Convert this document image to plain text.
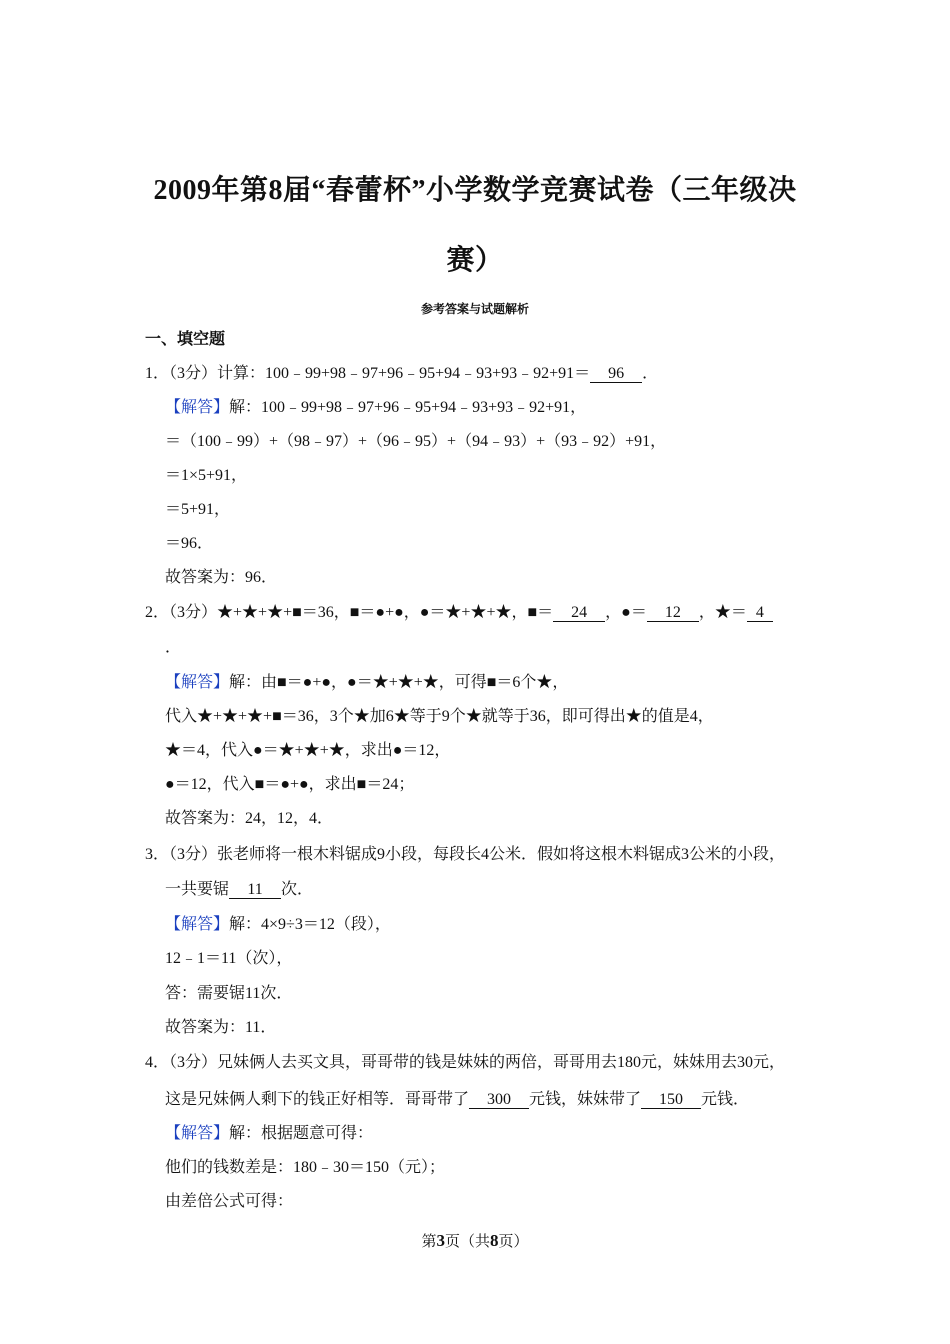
2009年第8届“春蕾杯”小学数学竞赛试卷（三年级决
赛）
参考答案与试题解析
一、填空题
1．（3分）计算：100﹣99+98﹣97+96﹣95+94﹣93+93﹣92+91＝ 96 ．
【解答】解：100﹣99+98﹣97+96﹣95+94﹣93+93﹣92+91，
＝（100﹣99）+（98﹣97）+（96﹣95）+（94﹣93）+（93﹣92）+91，
＝1×5+91，
＝5+91，
＝96．
故答案为：96．
2．（3分）★+★+★+■＝36，■＝●+●，●＝★+★+★，■＝ 24 ，●＝ 12 ，★＝ 4
．
【解答】解：由■＝●+●，●＝★+★+★，可得■＝6个★，
代入★+★+★+■＝36，3个★加6★等于9个★就等于36，即可得出★的值是4，
★＝4，代入●＝★+★+★，求出●＝12，
●＝12，代入■＝●+●，求出■＝24；
故答案为：24，12，4．
3．（3分）张老师将一根木料锯成9小段，每段长4公米．假如将这根木料锯成3公米的小段，
一共要锯 11 次．
【解答】解：4×9÷3＝12（段），
12﹣1＝11（次），
答：需要锯11次．
故答案为：11．
4．（3分）兄妹俩人去买文具，哥哥带的钱是妹妹的两倍，哥哥用去180元，妹妹用去30元，
这是兄妹俩人剩下的钱正好相等．哥哥带了 300 元钱，妹妹带了 150 元钱．
【解答】解：根据题意可得：
他们的钱数差是：180﹣30＝150（元）；
由差倍公式可得：
第3页（共8页）
